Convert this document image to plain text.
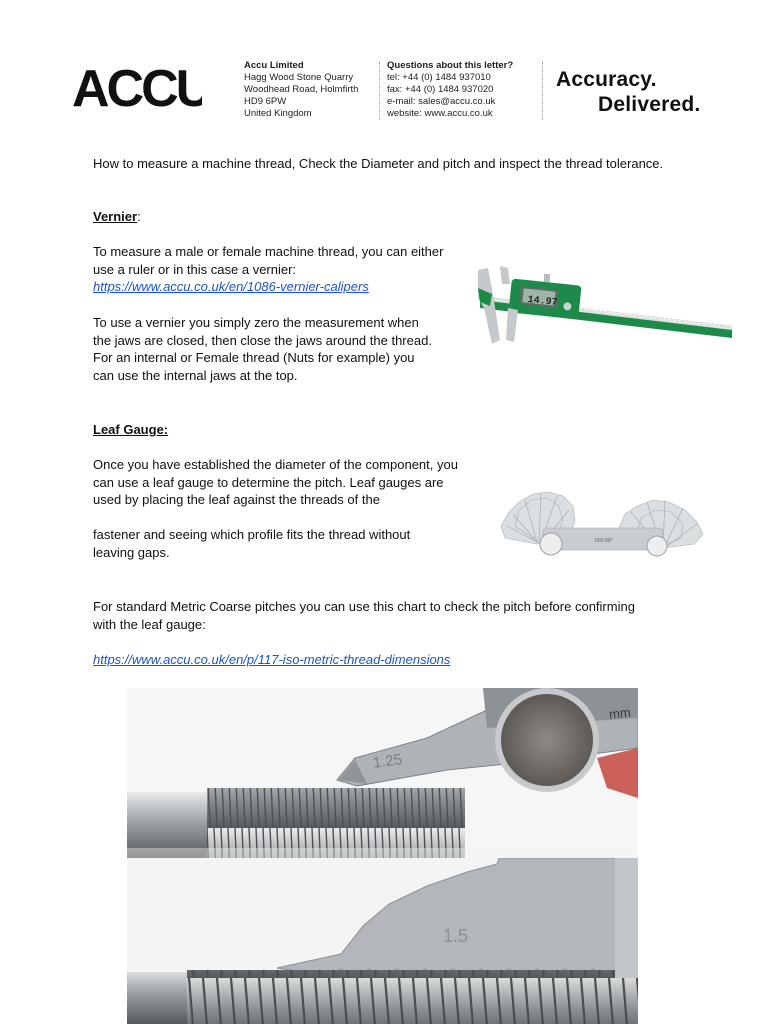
ACCU	Accu Limited
Hagg Wood Stone Quarry
Woodhead Road, Holmfirth
HD9 6PW
United Kingdom
Questions about this letter?
tel: +44 (0) 1484 937010
fax: +44 (0) 1484 937020
e-mail: sales@accu.co.uk
website: www.accu.co.uk
Accuracy.
Delivered.
How to measure a machine thread, Check the Diameter and pitch and inspect the thread tolerance.
Vernier:
To measure a male or female machine thread, you can either use a ruler or in this case a vernier:
https://www.accu.co.uk/en/1086-vernier-calipers
To use a vernier you simply zero the measurement when the jaws are closed, then close the jaws around the thread. For an internal or Female thread (Nuts for example) you can use the internal jaws at the top.
14.97
Leaf Gauge:
Once you have established the diameter of the component, you can use a leaf gauge to determine the pitch. Leaf gauges are used by placing the leaf against the threads of the
fastener and seeing which profile fits the thread without leaving gaps.
ISO 60°
For standard Metric Coarse pitches you can use this chart to check the pitch before confirming with the leaf gauge:
https://www.accu.co.uk/en/p/117-iso-metric-thread-dimensions
1.25
mm
1.5
